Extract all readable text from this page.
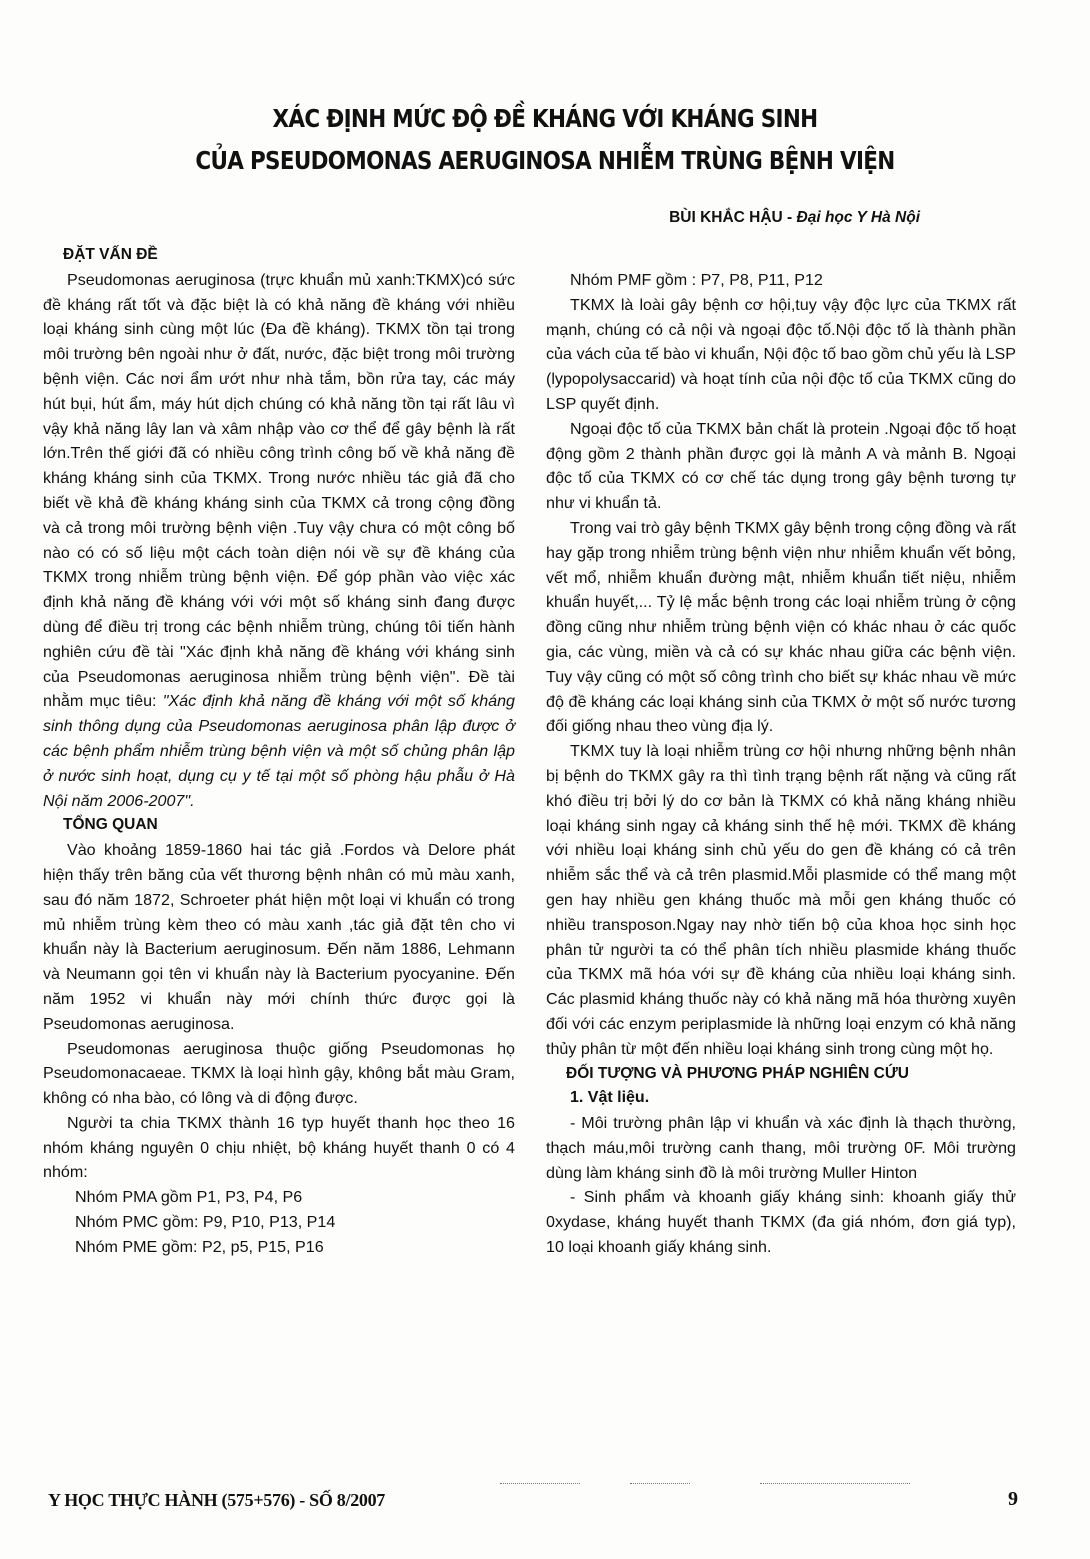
XÁC ĐỊNH MỨC ĐỘ ĐỀ KHÁNG VỚI KHÁNG SINH
CỦA PSEUDOMONAS AERUGINOSA NHIỄM TRÙNG BỆNH VIỆN
BÙI KHẮC HẬU - Đại học Y Hà Nội
ĐẶT VẤN ĐỀ

Pseudomonas aeruginosa (trực khuẩn mủ xanh:TKMX)có sức đề kháng rất tốt và đặc biệt là có khả năng đề kháng với nhiều loại kháng sinh cùng một lúc (Đa đề kháng). TKMX tồn tại trong môi trường bên ngoài như ở đất, nước, đặc biệt trong môi trường bệnh viện. Các nơi ẩm ướt như nhà tắm, bồn rửa tay, các máy hút bụi, hút ẩm, máy hút dịch chúng có khả năng tồn tại rất lâu vì vậy khả năng lây lan và xâm nhập vào cơ thể để gây bệnh là rất lớn.Trên thế giới đã có nhiều công trình công bố về khả năng đề kháng kháng sinh của TKMX. Trong nước nhiều tác giả đã cho biết về khả đề kháng kháng sinh của TKMX cả trong cộng đồng và cả trong môi trường bệnh viện .Tuy vậy chưa có một công bố nào có có số liệu một cách toàn diện nói về sự đề kháng của TKMX trong nhiễm trùng bệnh viện. Để góp phần vào việc xác định khả năng đề kháng với với một số kháng sinh đang được dùng để điều trị trong các bệnh nhiễm trùng, chúng tôi tiến hành nghiên cứu đề tài "Xác định khả năng đề kháng với kháng sinh của Pseudomonas aeruginosa nhiễm trùng bệnh viện". Đề tài nhằm mục tiêu: "Xác định khả năng đề kháng với một số kháng sinh thông dụng của Pseudomonas aeruginosa phân lập được ở các bệnh phẩm nhiễm trùng bệnh viện và một số chủng phân lập ở nước sinh hoạt, dụng cụ y tế tại một số phòng hậu phẫu ở Hà Nội năm 2006-2007".

TỔNG QUAN

Vào khoảng 1859-1860 hai tác giả .Fordos và Delore phát hiện thấy trên băng của vết thương bệnh nhân có mủ màu xanh, sau đó năm 1872, Schroeter phát hiện một loại vi khuẩn có trong mủ nhiễm trùng kèm theo có màu xanh ,tác giả đặt tên cho vi khuẩn này là Bacterium aeruginosum. Đến năm 1886, Lehmann và Neumann gọi tên vi khuẩn này là Bacterium pyocyanine. Đến năm 1952 vi khuẩn này mới chính thức được gọi là Pseudomonas aeruginosa.

Pseudomonas aeruginosa thuộc giống Pseudomonas họ Pseudomonacaeae. TKMX là loại hình gậy, không bắt màu Gram, không có nha bào, có lông và di động được.

Người ta chia TKMX thành 16 typ huyết thanh học theo 16 nhóm kháng nguyên 0 chịu nhiệt, bộ kháng huyết thanh 0 có 4 nhóm:

Nhóm PMA gồm P1, P3, P4, P6

Nhóm PMC gồm: P9, P10, P13, P14

Nhóm PME gồm: P2, p5, P15, P16

Nhóm PMF gồm : P7, P8, P11, P12

TKMX là loài gây bệnh cơ hội,tuy vậy độc lực của TKMX rất mạnh, chúng có cả nội và ngoại độc tố.Nội độc tố là thành phần của vách của tế bào vi khuẩn, Nội độc tố bao gồm chủ yếu là LSP (lypopolysaccarid) và hoạt tính của nội độc tố của TKMX cũng do LSP quyết định.

Ngoại độc tố của TKMX bản chất là protein .Ngoại độc tố hoạt động gồm 2 thành phần được gọi là mảnh A và mảnh B. Ngoại độc tố của TKMX có cơ chế tác dụng trong gây bệnh tương tự như vi khuẩn tả.

Trong vai trò gây bệnh TKMX gây bệnh trong cộng đồng và rất hay gặp trong nhiễm trùng bệnh viện như nhiễm khuẩn vết bỏng, vết mổ, nhiễm khuẩn đường mật, nhiễm khuẩn tiết niệu, nhiễm khuẩn huyết,... Tỷ lệ mắc bệnh trong các loại nhiễm trùng ở cộng đồng cũng như nhiễm trùng bệnh viện có khác nhau ở các quốc gia, các vùng, miền và cả có sự khác nhau giữa các bệnh viện. Tuy vậy cũng có một số công trình cho biết sự khác nhau về mức độ đề kháng các loại kháng sinh của TKMX ở một số nước tương đối giống nhau theo vùng địa lý.

TKMX tuy là loại nhiễm trùng cơ hội nhưng những bệnh nhân bị bệnh do TKMX gây ra thì tình trạng bệnh rất nặng và cũng rất khó điều trị bởi lý do cơ bản là TKMX có khả năng kháng nhiều loại kháng sinh ngay cả kháng sinh thế hệ mới. TKMX đề kháng với nhiều loại kháng sinh chủ yếu do gen đề kháng có cả trên nhiễm sắc thể và cả trên plasmid.Mỗi plasmide có thể mang một gen hay nhiều gen kháng thuốc mà mỗi gen kháng thuốc có nhiều transposon.Ngay nay nhờ tiến bộ của khoa học sinh học phân tử người ta có thể phân tích nhiều plasmide kháng thuốc của TKMX mã hóa với sự đề kháng của nhiều loại kháng sinh. Các plasmid kháng thuốc này có khả năng mã hóa thường xuyên đối với các enzym periplasmide là những loại enzym có khả năng thủy phân từ một đến nhiều loại kháng sinh trong cùng một họ.

ĐỐI TƯỢNG VÀ PHƯƠNG PHÁP NGHIÊN CỨU
1. Vật liệu.

- Môi trường phân lập vi khuẩn và xác định là thạch thường, thạch máu,môi trường canh thang, môi trường 0F. Môi trường dùng làm kháng sinh đồ là môi trường Muller Hinton

- Sinh phẩm và khoanh giấy kháng sinh: khoanh giấy thử 0xydase, kháng huyết thanh TKMX (đa giá nhóm, đơn giá typ), 10 loại khoanh giấy kháng sinh.

Y HỌC THỰC HÀNH (575+576) - SỐ 8/2007	9
